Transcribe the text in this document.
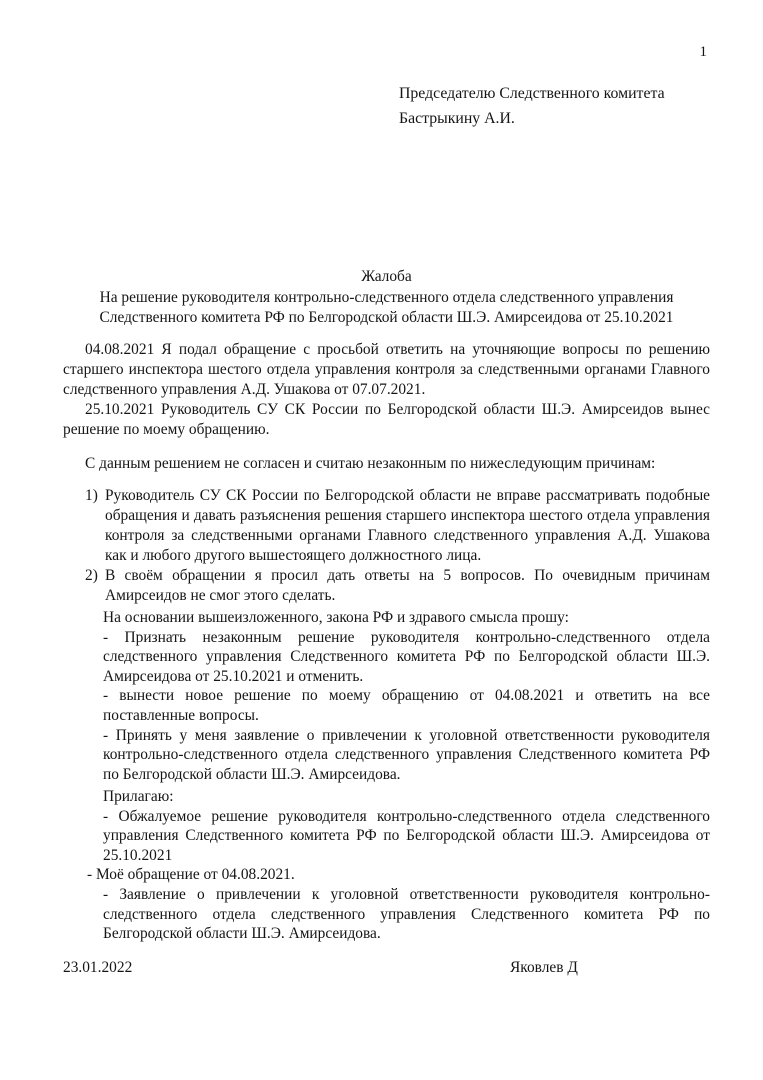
1
Председателю Следственного комитета
Бастрыкину А.И.
Жалоба
На решение руководителя контрольно-следственного отдела следственного управления
Следственного комитета РФ по Белгородской области Ш.Э. Амирсеидова от 25.10.2021

04.08.2021 Я подал обращение с просьбой ответить на уточняющие вопросы по решению старшего инспектора шестого отдела управления контроля за следственными органами Главного следственного управления А.Д. Ушакова от 07.07.2021.

25.10.2021 Руководитель СУ СК России по Белгородской области Ш.Э. Амирсеидов вынес решение по моему обращению.

С данным решением не согласен и считаю незаконным по нижеследующим причинам:

1) Руководитель СУ СК России по Белгородской области не вправе рассматривать подобные обращения и давать разъяснения решения старшего инспектора шестого отдела управления контроля за следственными органами Главного следственного управления А.Д. Ушакова как и любого другого вышестоящего должностного лица.
2) В своём обращении я просил дать ответы на 5 вопросов. По очевидным причинам Амирсеидов не смог этого сделать.

На основании вышеизложенного, закона РФ и здравого смысла прошу:

- Признать незаконным решение руководителя контрольно-следственного отдела следственного управления Следственного комитета РФ по Белгородской области Ш.Э. Амирсеидова от 25.10.2021 и отменить.

- вынести новое решение по моему обращению от 04.08.2021 и ответить на все поставленные вопросы.

- Принять у меня заявление о привлечении к уголовной ответственности руководителя контрольно-следственного отдела следственного управления Следственного комитета РФ по Белгородской области Ш.Э. Амирсеидова.

Прилагаю:

- Обжалуемое решение руководителя контрольно-следственного отдела следственного управления Следственного комитета РФ по Белгородской области Ш.Э. Амирсеидова от 25.10.2021

- Моё обращение от 04.08.2021.

- Заявление о привлечении к уголовной ответственности руководителя контрольно-следственного отдела следственного управления Следственного комитета РФ по Белгородской области Ш.Э. Амирсеидова.

23.01.2022	Яковлев Д
